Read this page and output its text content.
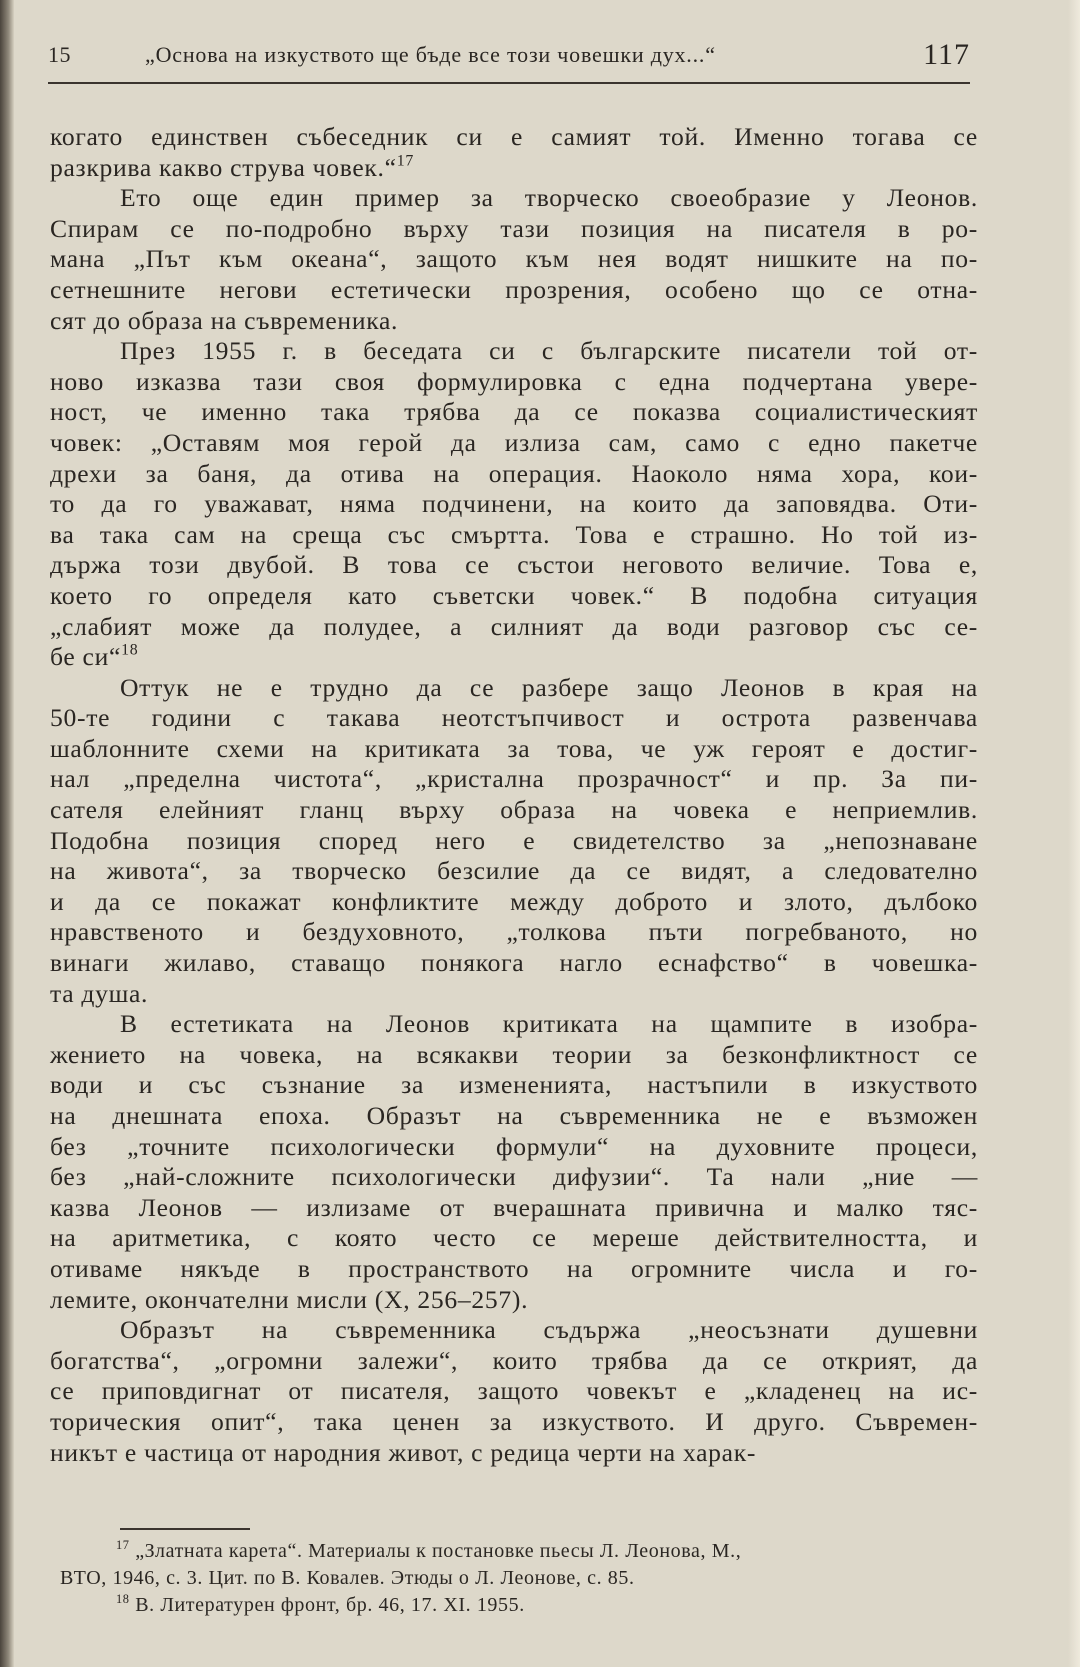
15	„Основа на изкуството ще бъде все този човешки дух...“	117
когато единствен събеседник си е самият той. Именно тогава се
разкрива какво струва човек.“$^{17}$
Ето още един пример за творческо своеобразие у Леонов.
Спирам се по-подробно върху тази позиция на писателя в ро-
мана „Път към океана“, защото към нея водят нишките на по-
сетнешните негови естетически прозрения, особено що се отна-
сят до образа на съвременика.
През 1955 г. в беседата си с българските писатели той от-
ново изказва тази своя формулировка с една подчертана увере-
ност, че именно така трябва да се показва социалистическият
човек: „Оставям моя герой да излиза сам, само с едно пакетче
дрехи за баня, да отива на операция. Наоколо няма хора, кои-
то да го уважават, няма подчинени, на които да заповядва. Оти-
ва така сам на среща със смъртта. Това е страшно. Но той из-
дъpжа този двубой. В това се състои неговото величие. Това е,
което го определя като съветски човек.“ В подобна ситуация
„слабият може да полудее, а силният да води разговор със се-
бе си“$^{18}$
Оттук не е трудно да се разбере защо Леонов в края на
50-те години с такава неотстъпчивост и острота развенчава
шаблонните схеми на критиката за това, че уж героят е достиг-
нал „пределна чистота“, „кристална прозрачност“ и пр. За пи-
сателя елейният гланц върху образа на човека е неприемлив.
Подобна позиция според него е свидетелство за „непознаване
на живота“, за творческо безсилие да се видят, а следователно
и да се покажат конфликтите между доброто и злото, дълбоко
нравственото и бездуховното, „толкова пъти погребваното, но
винаги жилаво, ставащо понякога нагло еснафство“ в човешка-
та душа.
В естетиката на Леонов критиката на щампите в изобра-
жението на човека, на всякакви теории за безконфликтност се
води и със съзнание за измененията, настъпили в изкуството
на днешната епоха. Образът на съвременника не е възможен
без „точните психологически формули“ на духовните процеси,
без „най-сложните психологически дифузии“. Та нали „ние —
казва Леонов — излизаме от вчерашната привична и малко тяс-
на аритметика, с която често се мереше действителността, и
отиваме някъде в пространството на огромните числа и го-
лемите, окончателни мисли (X, 256–257).
Образът на съвременника съдържа „неосъзнати душевни
богатства“, „огромни залежи“, които трябва да се открият, да
се приповдигнат от писателя, защото човекът е „кладенец на ис-
торическия опит“, така ценен за изкуството. И друго. Съвремен-
никът е частица от народния живот, с редица черти на харак-
$^{17}$ „Златната карета“. Материалы к постановке пьесы Л. Леонова, М.,
ВТО, 1946, с. 3. Цит. по В. Ковалев. Этюды о Л. Леонове, с. 85.
$^{18}$ В. Литературен фронт, бр. 46, 17. XI. 1955.
